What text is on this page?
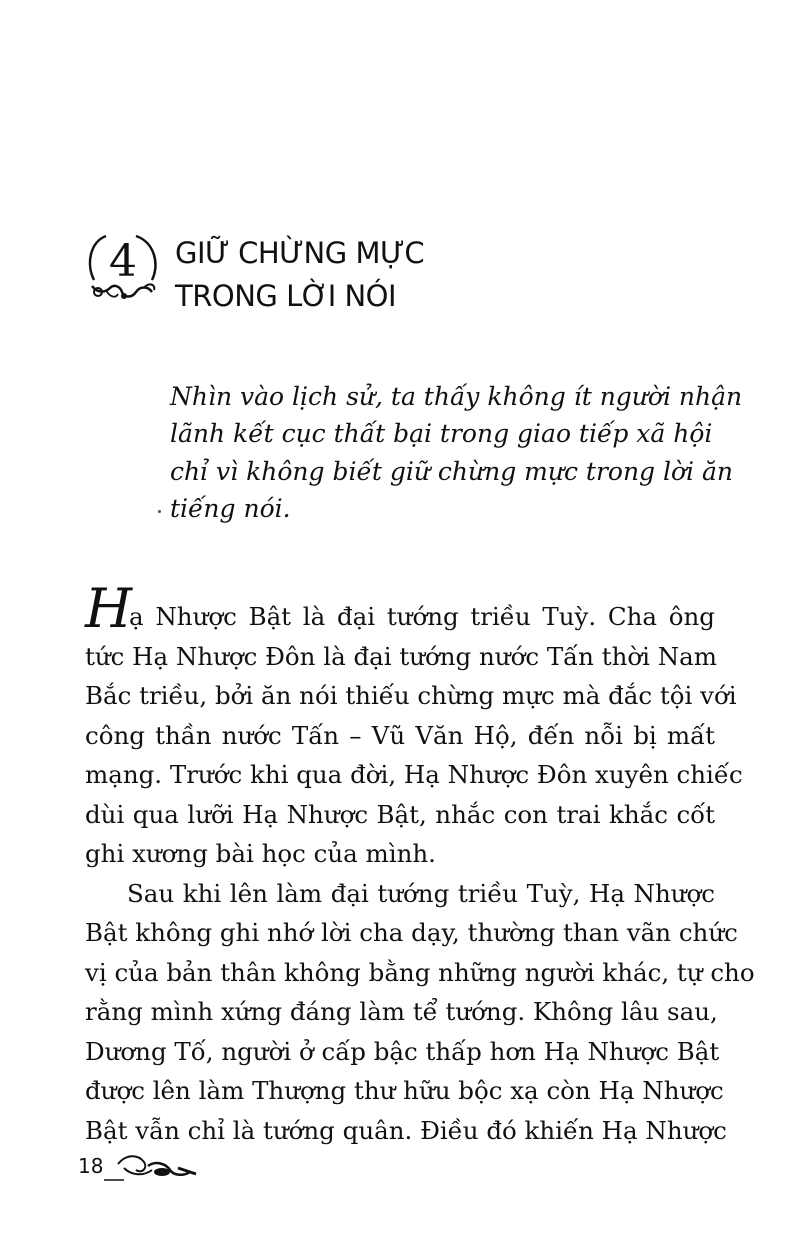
4	GIỮ CHỪNG MỰC
TRONG LỜI NÓI
Nhìn vào lịch sử, ta thấy không ít người nhận
lãnh kết cục thất bại trong giao tiếp xã hội
chỉ vì không biết giữ chừng mực trong lời ăn
tiếng nói.
H
ạ Nhược Bật là đại tướng triều Tuỳ. Cha ông
tức Hạ Nhược Đôn là đại tướng nước Tấn thời Nam
Bắc triều, bởi ăn nói thiếu chừng mực mà đắc tội với
công thần nước Tấn – Vũ Văn Hộ, đến nỗi bị mất
mạng. Trước khi qua đời, Hạ Nhược Đôn xuyên chiếc
dùi qua lưỡi Hạ Nhược Bật, nhắc con trai khắc cốt
ghi xương bài học của mình.
Sau khi lên làm đại tướng triều Tuỳ, Hạ Nhược
Bật không ghi nhớ lời cha dạy, thường than vãn chức
vị của bản thân không bằng những người khác, tự cho
rằng mình xứng đáng làm tể tướng. Không lâu sau,
Dương Tố, người ở cấp bậc thấp hơn Hạ Nhược Bật
được lên làm Thượng thư hữu bộc xạ còn Hạ Nhược
Bật vẫn chỉ là tướng quân. Điều đó khiến Hạ Nhược
18
